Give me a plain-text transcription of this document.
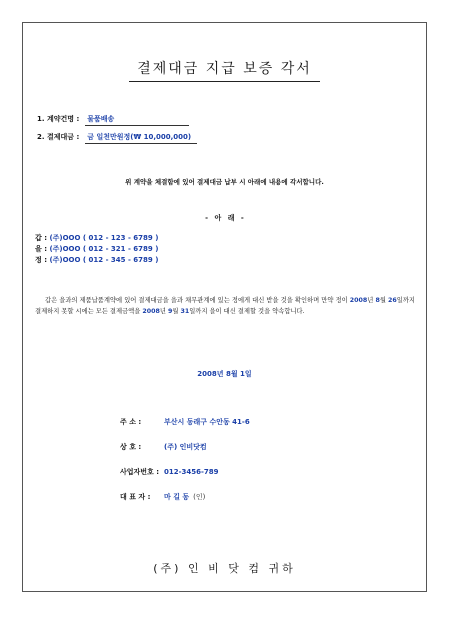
결제대금 지급 보증 각서
1. 계약건명 : 물품배송
2. 결제대금 : 금 일천만원정(₩ 10,000,000)
위 계약을 체결함에 있어 결제대금 납부 시 아래에 내용에 각서합니다.
- 아 래 -
갑 : (주)OOO ( 012 - 123 - 6789 )
을 : (주)OOO ( 012 - 321 - 6789 )
정 : (주)OOO ( 012 - 345 - 6789 )
갑은 을과의 제품납품계약에 있어 결제대금을 을과 채무관계에 있는 정에게 대신 받을 것을 확인하며 만약 정이 2008년 8월 26일까지 결제하지 못할 시에는 모든 결제금액을 2008년 9월 31일까지 을이 대신 결제할 것을 약속합니다.
2008년 8월 1일
주 소 :	부산시 동래구 수안동 41-6
상 호 :	(주) 인비닷컴
사업자번호 :012-3456-789
대 표 자 :마 길 동 (인)
(주) 인 비 닷 컴 귀하
